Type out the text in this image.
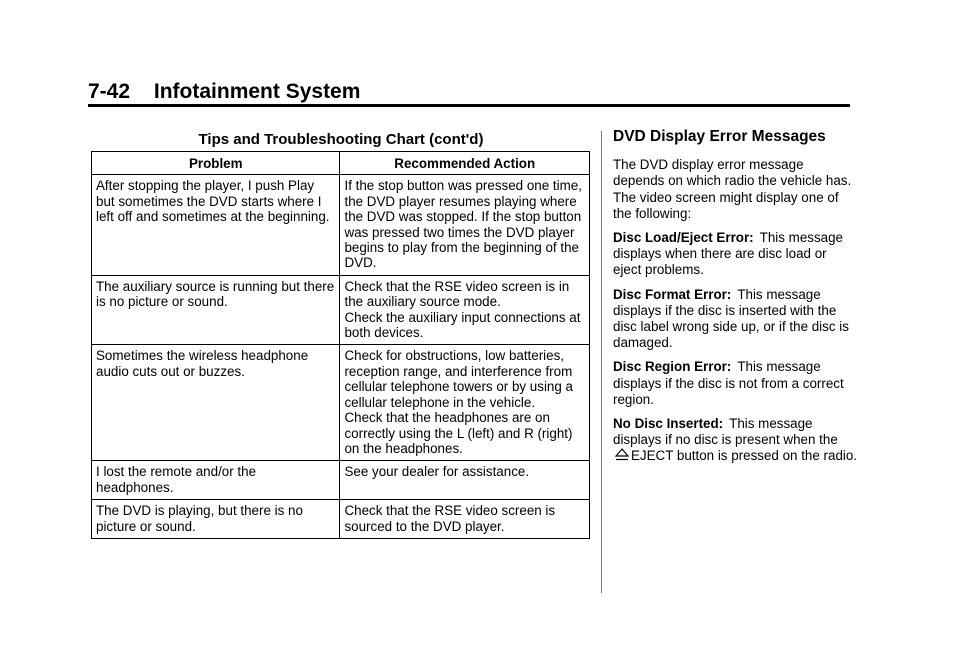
7-42 Infotainment System
Tips and Troubleshooting Chart (cont'd)
Problem	Recommended Action
After stopping the player, I push Play but sometimes the DVD starts where I left off and sometimes at the beginning.	If the stop button was pressed one time, the DVD player resumes playing where the DVD was stopped. If the stop button was pressed two times the DVD player begins to play from the beginning of the DVD.

The auxiliary source is running but there is no picture or sound.	Check that the RSE video screen is in the auxiliary source mode.
Check the auxiliary input connections at both devices.

Sometimes the wireless headphone audio cuts out or buzzes.	Check for obstructions, low batteries, reception range, and interference from cellular telephone towers or by using a cellular telephone in the vehicle.
Check that the headphones are on correctly using the L (left) and R (right) on the headphones.

I lost the remote and/or the headphones.	See your dealer for assistance.

The DVD is playing, but there is no picture or sound.	Check that the RSE video screen is sourced to the DVD player.
DVD Display Error Messages

The DVD display error message depends on which radio the vehicle has. The video screen might display one of the following:

Disc Load/Eject Error: This message displays when there are disc load or eject problems.

Disc Format Error: This message displays if the disc is inserted with the disc label wrong side up, or if the disc is damaged.

Disc Region Error: This message displays if the disc is not from a correct region.

No Disc Inserted: This message displays if no disc is present when the EJECT button is pressed on the radio.
